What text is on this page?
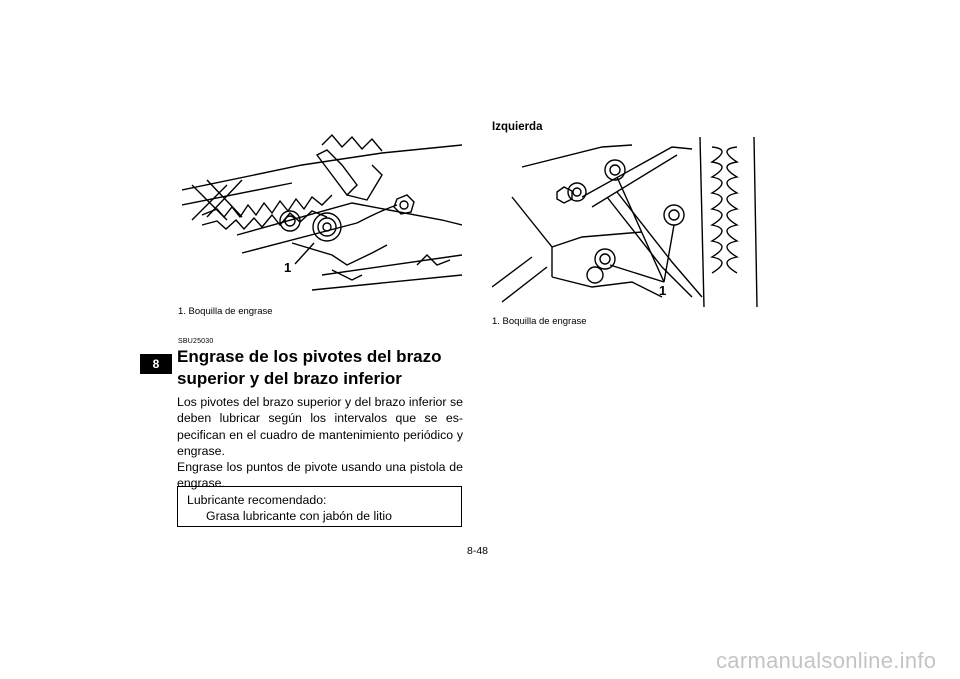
8
1
1. Boquilla de engrase
Izquierda
1
1. Boquilla de engrase
SBU25030
Engrase de los pivotes del brazo
superior y del brazo inferior

Los pivotes del brazo superior y del brazo inferior se deben lubricar según los intervalos que se es-pecifican en el cuadro de mantenimiento periódico y engrase.

Engrase los puntos de pivote usando una pistola de engrase.

Lubricante recomendado:
Grasa lubricante con jabón de litio
8-48
carmanualsonline.info
